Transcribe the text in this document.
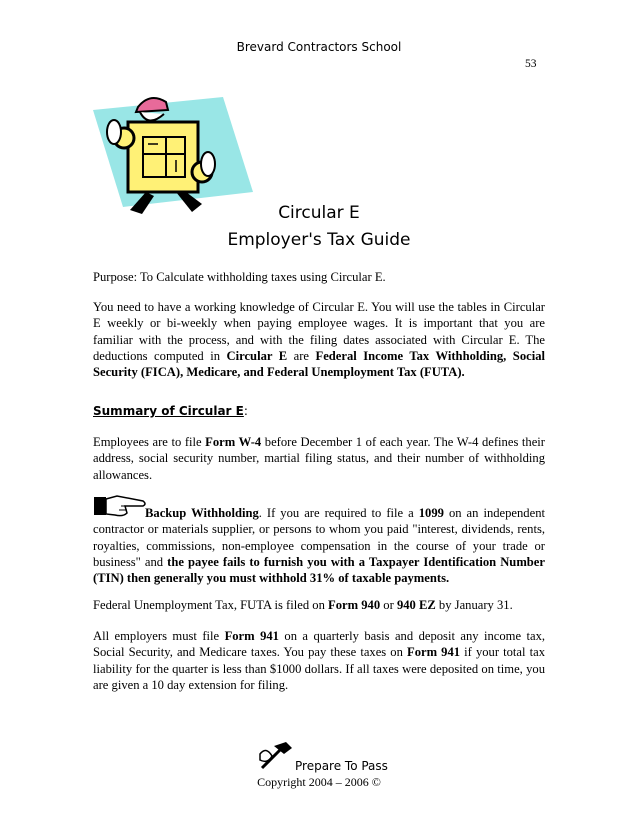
Brevard Contractors School
53
Circular E
Employer's Tax Guide

Purpose: To Calculate withholding taxes using Circular E.

You need to have a working knowledge of Circular E. You will use the tables in Circular E weekly or bi-weekly when paying employee wages. It is important that you are familiar with the process, and with the filing dates associated with Circular E. The deductions computed in Circular E are Federal Income Tax Withholding, Social Security (FICA), Medicare, and Federal Unemployment Tax (FUTA).

Summary of Circular E:

Employees are to file Form W-4 before December 1 of each year. The W-4 defines their address, social security number, martial filing status, and their number of withholding allowances.

Backup Withholding. If you are required to file a 1099 on an independent contractor or materials supplier, or persons to whom you paid "interest, dividends, rents, royalties, commissions, non-employee compensation in the course of your trade or business" and the payee fails to furnish you with a Taxpayer Identification Number (TIN) then generally you must withhold 31% of taxable payments.

Federal Unemployment Tax, FUTA is filed on Form 940 or 940 EZ by January 31.

All employers must file Form 941 on a quarterly basis and deposit any income tax, Social Security, and Medicare taxes. You pay these taxes on Form 941 if your total tax liability for the quarter is less than $1000 dollars. If all taxes were deposited on time, you are given a 10 day extension for filing.

Prepare To Pass
Copyright 2004 – 2006 ©
